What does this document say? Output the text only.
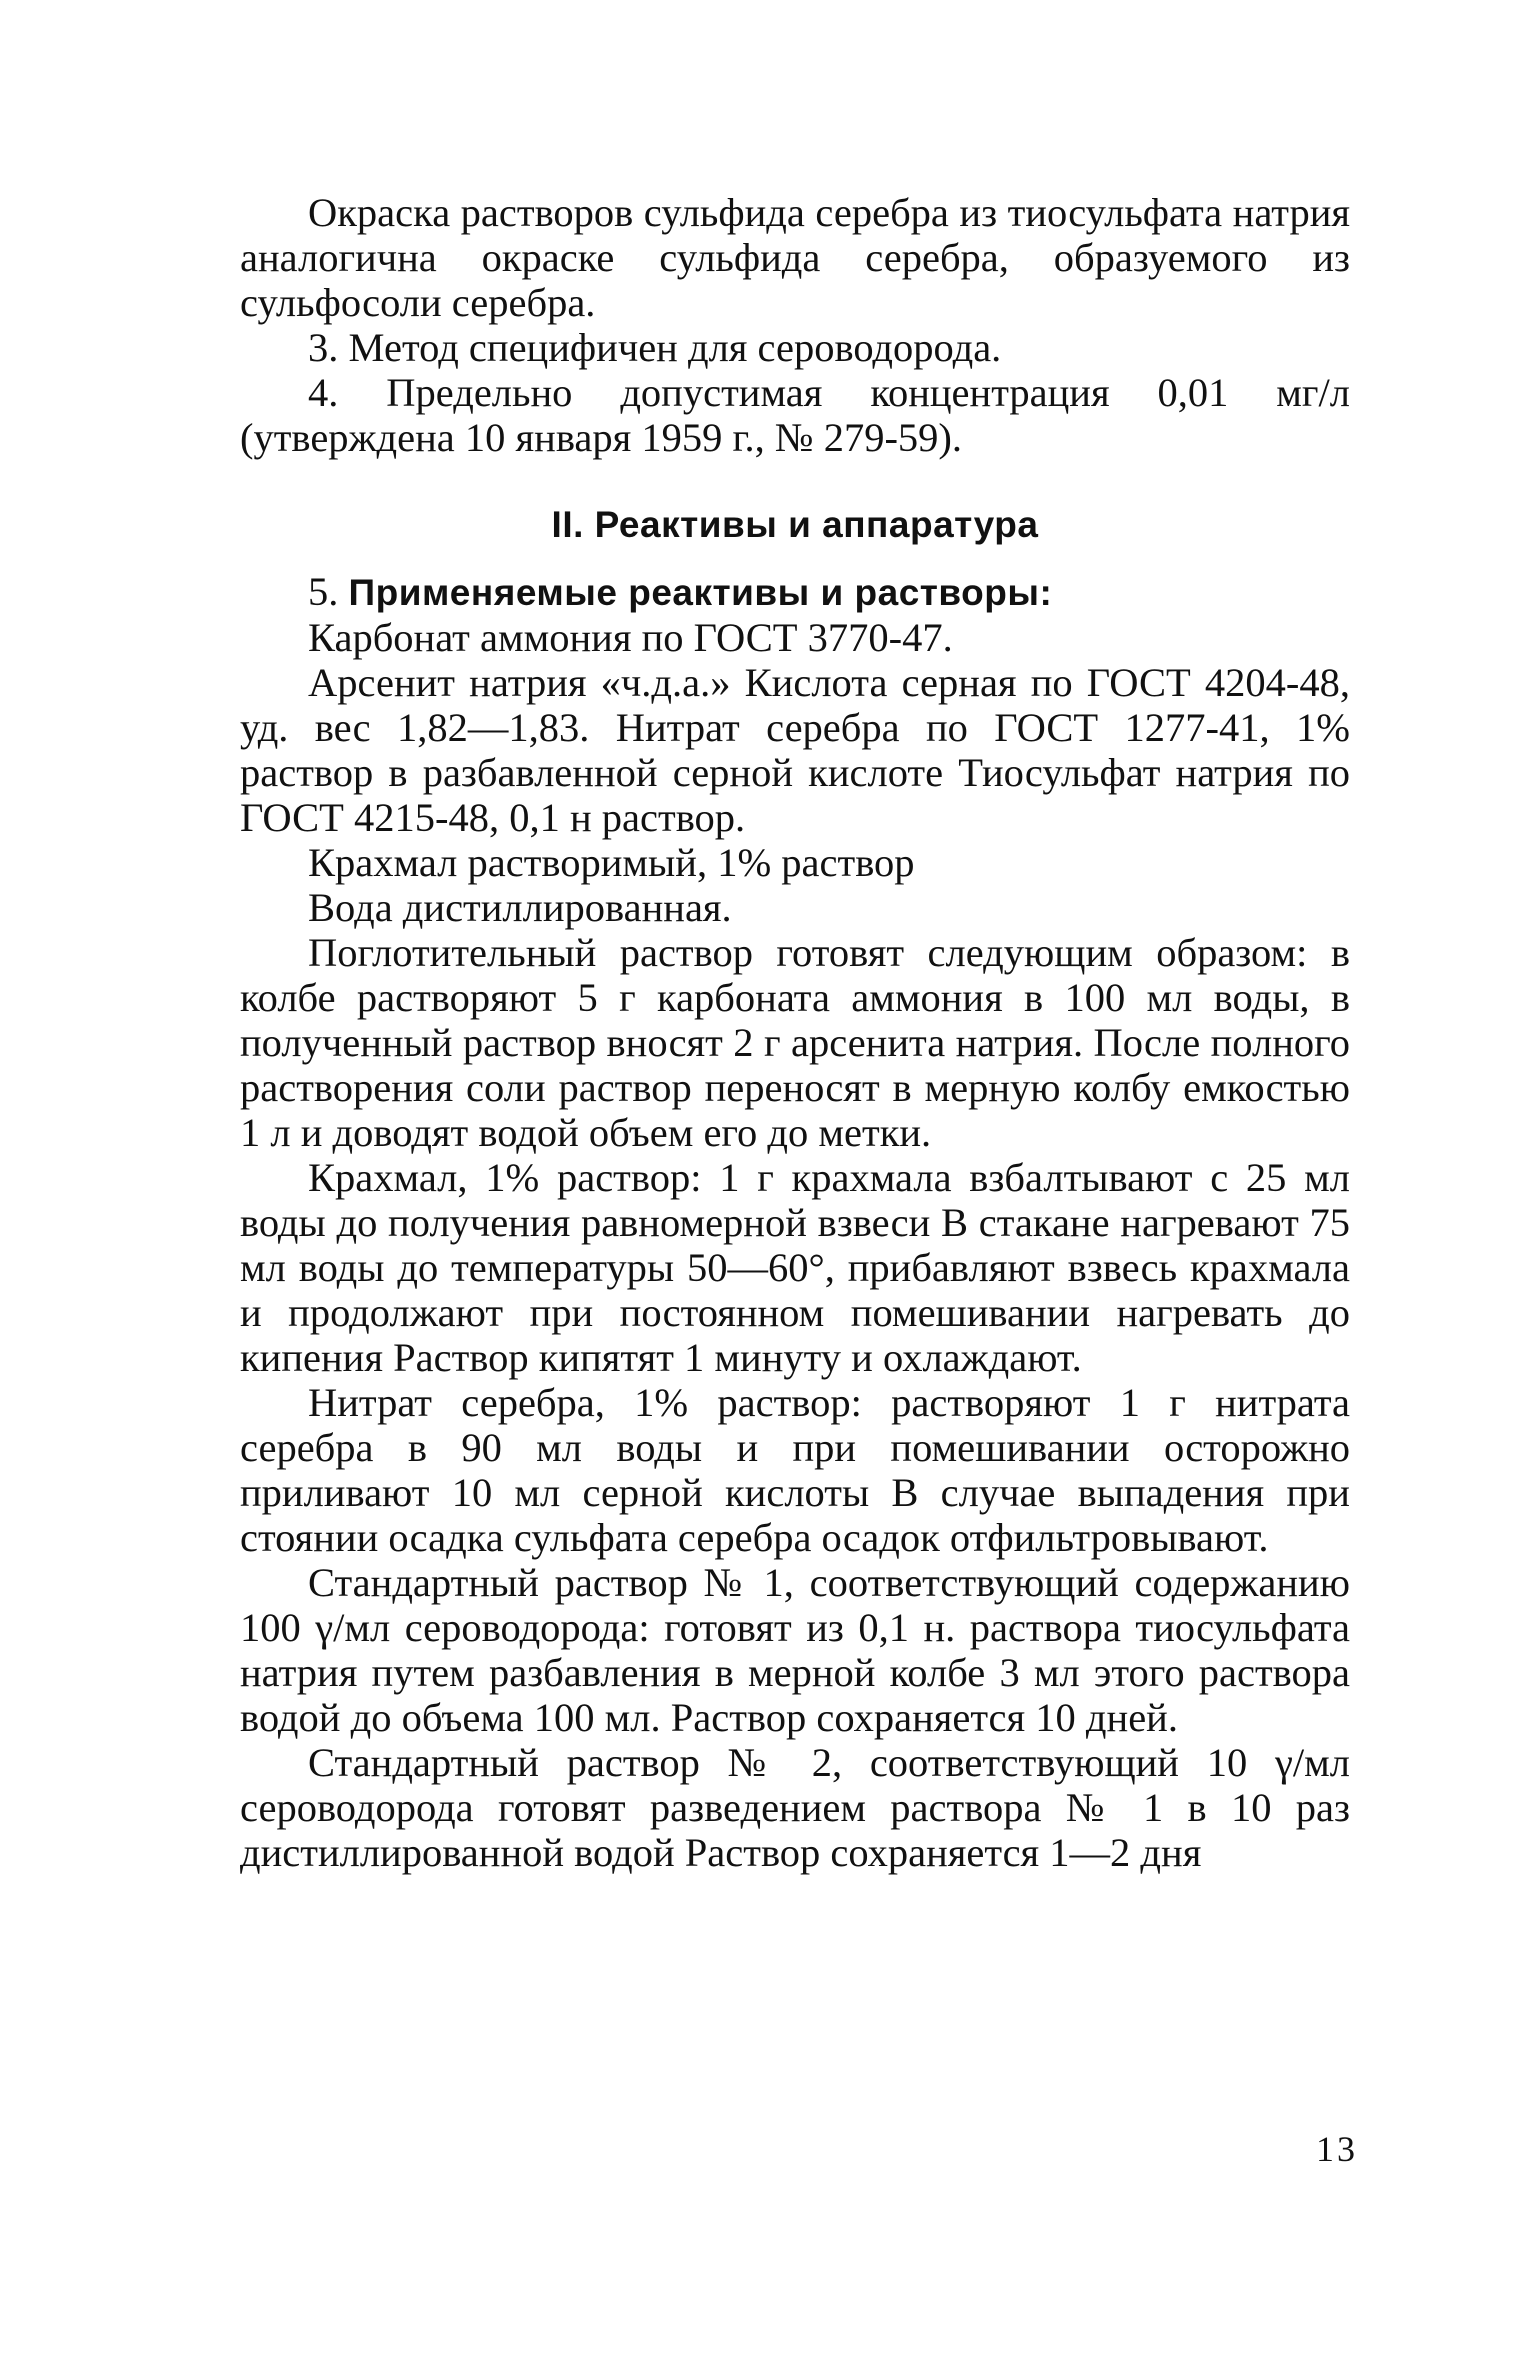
Окраска растворов сульфида серебра из тиосульфата натрия аналогична окраске сульфида серебра, образуемого из сульфосоли серебра.

3. Метод специфичен для сероводорода.

4. Предельно допустимая концентрация 0,01 мг/л (утверждена 10 января 1959 г., № 279-59).

II. Реактивы и аппаратура

5. Применяемые реактивы и растворы:

Карбонат аммония по ГОСТ 3770-47.

Арсенит натрия «ч.д.а.» Кислота серная по ГОСТ 4204-48, уд. вес 1,82—1,83. Нитрат серебра по ГОСТ 1277-41, 1% раствор в разбавленной серной кислоте Тиосульфат натрия по ГОСТ 4215-48, 0,1 н раствор.

Крахмал растворимый, 1% раствор

Вода дистиллированная.

Поглотительный раствор готовят следующим образом: в колбе растворяют 5 г карбоната аммония в 100 мл воды, в полученный раствор вносят 2 г арсенита натрия. После полного растворения соли раствор переносят в мерную колбу емкостью 1 л и доводят водой объем его до метки.

Крахмал, 1% раствор: 1 г крахмала взбалтывают с 25 мл воды до получения равномерной взвеси В стакане нагревают 75 мл воды до температуры 50—60°, прибавляют взвесь крахмала и продолжают при постоянном помешивании нагревать до кипения Раствор кипятят 1 минуту и охлаждают.

Нитрат серебра, 1% раствор: растворяют 1 г нитрата серебра в 90 мл воды и при помешивании осторожно приливают 10 мл серной кислоты В случае выпадения при стоянии осадка сульфата серебра осадок отфильтровывают.

Стандартный раствор № 1, соответствующий содержанию 100 γ/мл сероводорода: готовят из 0,1 н. раствора тиосульфата натрия путем разбавления в мерной колбе 3 мл этого раствора водой до объема 100 мл. Раствор сохраняется 10 дней.

Стандартный раствор № 2, соответствующий 10 γ/мл сероводорода готовят разведением раствора № 1 в 10 раз дистиллированной водой Раствор сохраняется 1—2 дня

13
